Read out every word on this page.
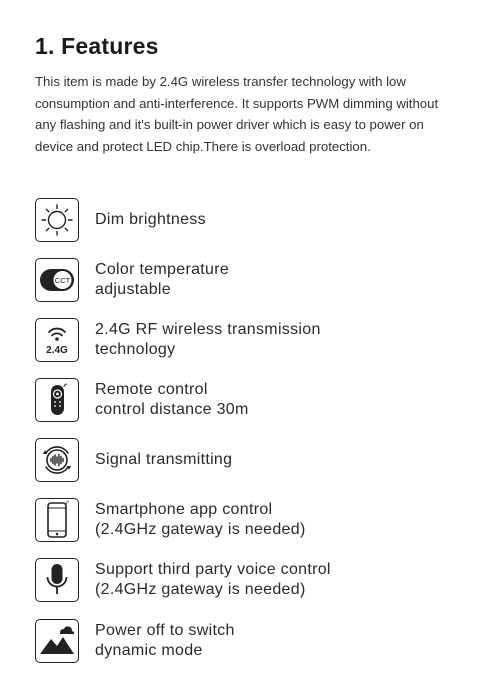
1. Features

This item is made by 2.4G wireless transfer technology with low consumption and anti-interference. It supports PWM dimming without any flashing and it's built-in power driver which is easy to power on device and protect LED chip.There is overload protection.

Dim brightness
CCT
Color temperature
adjustable
2.4G
2.4G RF wireless transmission
technology
Remote control
control distance 30m
Signal transmitting
Smartphone app control
(2.4GHz gateway is needed)
Support third party voice control
(2.4GHz gateway is needed)
Power off to switch
dynamic mode
